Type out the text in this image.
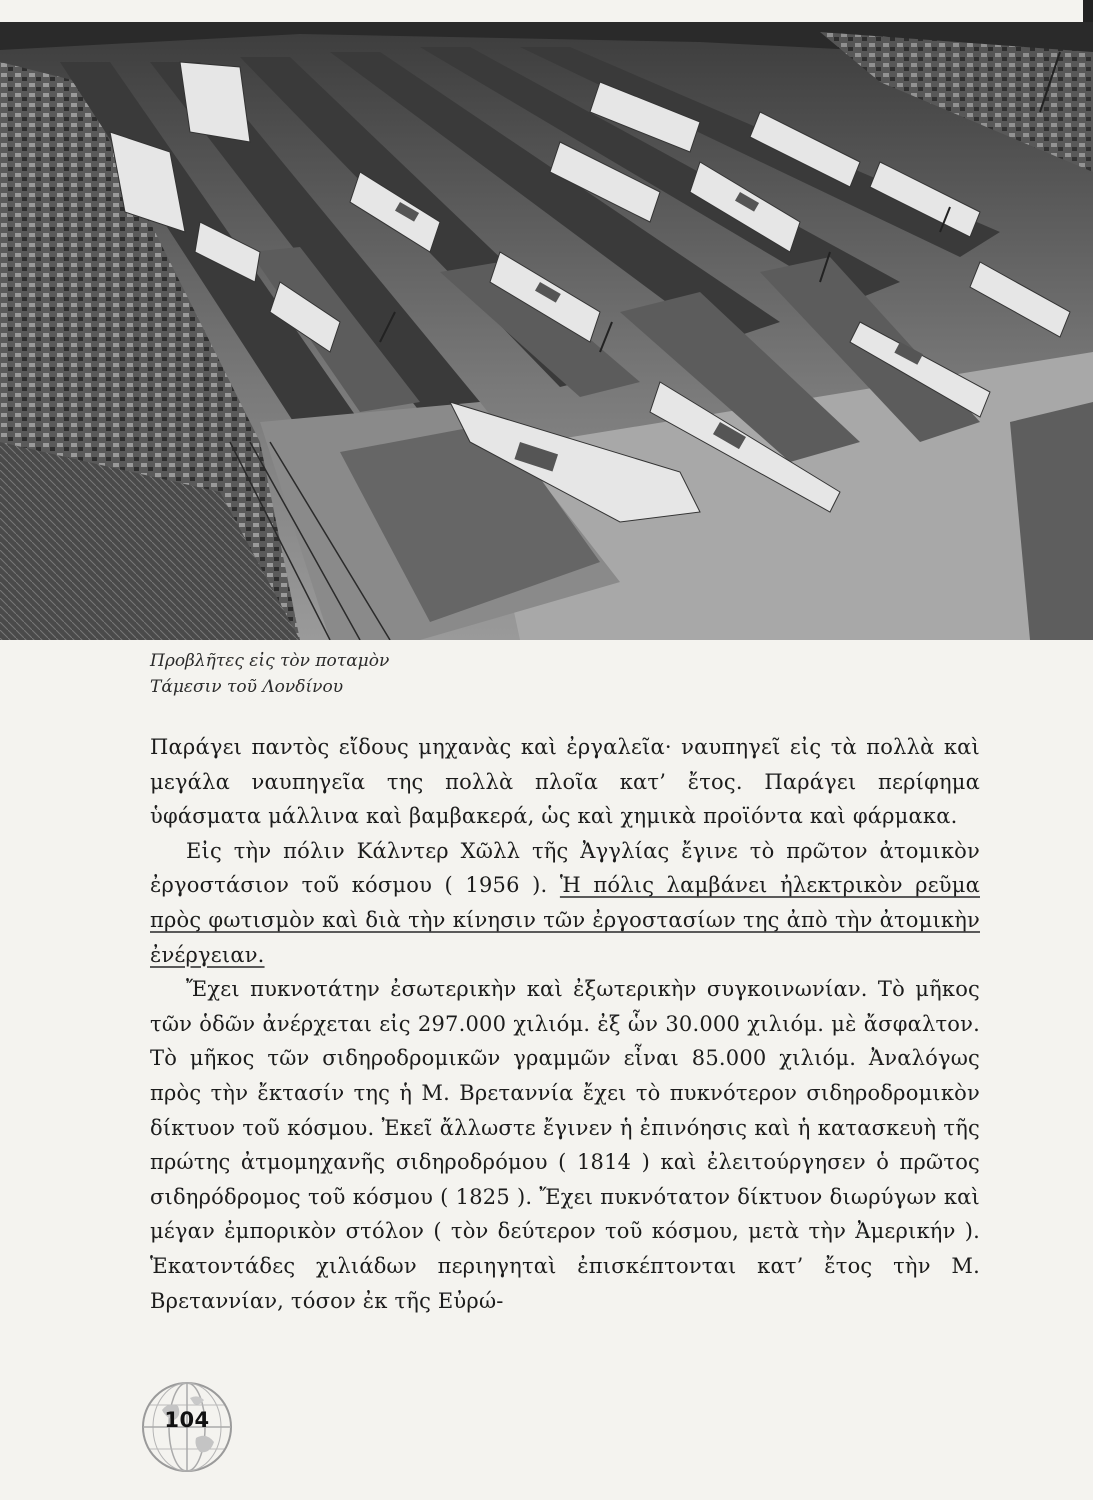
Προβλῆτες εἰς τὸν ποταμὸν
Τάμεσιν τοῦ Λονδίνου

Παράγει παντὸς εἴδους μηχανὰς καὶ ἐργαλεῖα· ναυπηγεῖ εἰς τὰ πολλὰ καὶ μεγάλα ναυπηγεῖα της πολλὰ πλοῖα κατ’ ἔτος. Παράγει περίφημα ὑφάσματα μάλλινα καὶ βαμβακερά, ὡς καὶ χημικὰ προϊόντα καὶ φάρμακα.

Εἰς τὴν πόλιν Κάλντερ Χῶλλ τῆς Ἀγγλίας ἔγινε τὸ πρῶτον ἀτομικὸν ἐργοστάσιον τοῦ κόσμου ( 1956 ). Ἡ πόλις λαμβάνει ἠλεκτρικὸν ρεῦμα πρὸς φωτισμὸν καὶ διὰ τὴν κίνησιν τῶν ἐργοστασίων της ἀπὸ τὴν ἀτομικὴν ἐνέργειαν.

Ἔχει πυκνοτάτην ἐσωτερικὴν καὶ ἐξωτερικὴν συγκοινωνίαν. Τὸ μῆκος τῶν ὁδῶν ἀνέρχεται εἰς 297.000 χιλιόμ. ἐξ ὧν 30.000 χιλιόμ. μὲ ἄσφαλτον. Τὸ μῆκος τῶν σιδηροδρομικῶν γραμμῶν εἶναι 85.000 χιλιόμ. Ἀναλόγως πρὸς τὴν ἔκτασίν της ἡ Μ. Βρεταννία ἔχει τὸ πυκνότερον σιδηροδρομικὸν δίκτυον τοῦ κόσμου. Ἐκεῖ ἄλλωστε ἔγινεν ἡ ἐπινόησις καὶ ἡ κατασκευὴ τῆς πρώτης ἀτμομηχανῆς σιδηροδρόμου ( 1814 ) καὶ ἐλειτούργησεν ὁ πρῶτος σιδηρόδρομος τοῦ κόσμου ( 1825 ). Ἔχει πυκνότατον δίκτυον διωρύγων καὶ μέγαν ἐμπορικὸν στόλον ( τὸν δεύτερον τοῦ κόσμου, μετὰ τὴν Ἀμερικήν ). Ἑκατοντάδες χιλιάδων περιηγηταὶ ἐπισκέπτονται κατ’ ἔτος τὴν Μ. Βρεταννίαν, τόσον ἐκ τῆς Εὐρώ-

104
